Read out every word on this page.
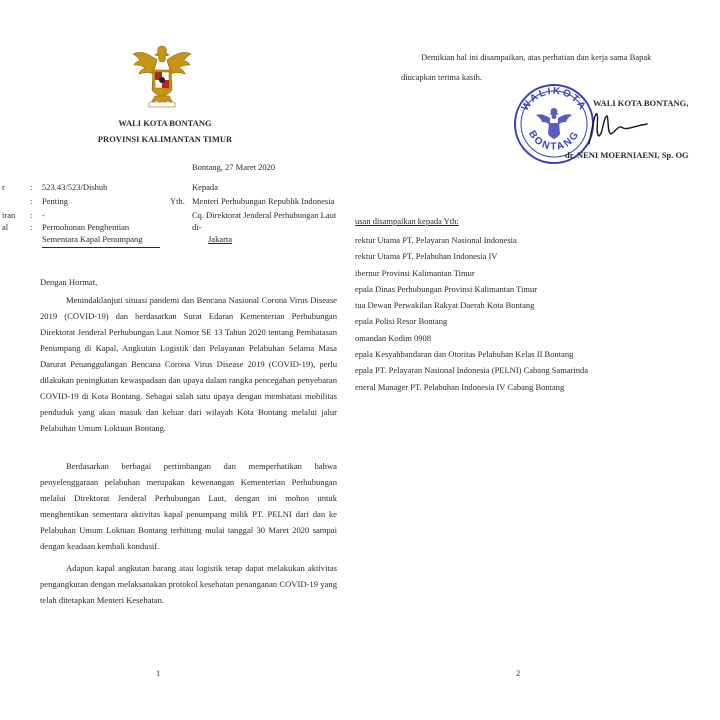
WALI KOTA BONTANG
PROVINSI KALIMANTAN TIMUR
Bontang, 27 Maret 2020
r
iran
al
:
:
:
:
523.43/523/Dishub
Penting
-
Permohonan Penghentian
Sementara Kapal Penumpang
Kepada
Yth. Menteri Perhubungan Republik Indonesia
Cq. Direktorat Jenderal Perhubungan Laut
di-
Jakarta
Dengan Hormat,
Menindaklanjuti situasi pandemi dan Bencana Nasional Corona Virus Disease 2019 (COVID-19) dan berdasarkan Surat Edaran Kementerian Perhubungan Direktorat Jenderal Perhubungan Laut Nomor SE 13 Tahun 2020 tentang Pembatasan Penumpang di Kapal, Angkutan Logistik dan Pelayanan Pelabuhan Selama Masa Darurat Penanggulangan Bencana Corona Virus Disease 2019 (COVID-19), perlu dilakukan peningkatan kewaspadaan dan upaya dalam rangka pencegahan penyebaran COVID-19 di Kota Bontang. Sebagai salah satu upaya dengan membatasi mobilitas penduduk yang akan masuk dan keluar dari wilayah Kota Bontang melalui jalur Pelabuhan Umum Loktuan Bontang.
Berdasarkan berbagai pertimbangan dan memperhatikan bahwa penyelenggaraan pelabuhan merupakan kewenangan Kementerian Perhubungan melalui Direktorat Jenderal Perhubungan Laut, dengan ini mohon untuk menghentikan sementara aktivitas kapal penumpang milik PT. PELNI dari dan ke Pelabuhan Umum Loktuan Bontang terhitung mulai tanggal 30 Maret 2020 sampai dengan keadaan kembali kondusif.
Adapun kapal angkutan barang atau logistik tetap dapat melakukan aktivitas pengangkutan dengan melaksanakan protokol kesehatan penanganan COVID-19 yang telah ditetapkan Menteri Kesehatan.
1
Demikian hal ini disampaikan, atas perhatian dan kerja sama Bapak
diucapkan terima kasih.
WALIKOTA
BONTANG
WALI KOTA BONTANG,
dr. NENI MOERNIAENI, Sp. OG
usan disampaikan kepada Yth:
rektur Utama PT. Pelayaran Nasional Indonesia
rektur Utama PT. Pelabuhan Indonesia IV
ibernur Provinsi Kalimantan Timur
epala Dinas Perhubungan Provinsi Kalimantan Timur
tua Dewan Perwakilan Rakyat Daerah Kota Bontang
epala Polisi Resor Bontang
omandan Kodim 0908
epala Kesyahbandaran dan Otoritas Pelabuhan Kelas II Bontang
epala PT. Pelayaran Nasional Indonesia (PELNI) Cabang Samarinda
eneral Manager PT. Pelabuhan Indonesia IV Cabang Bontang
2
